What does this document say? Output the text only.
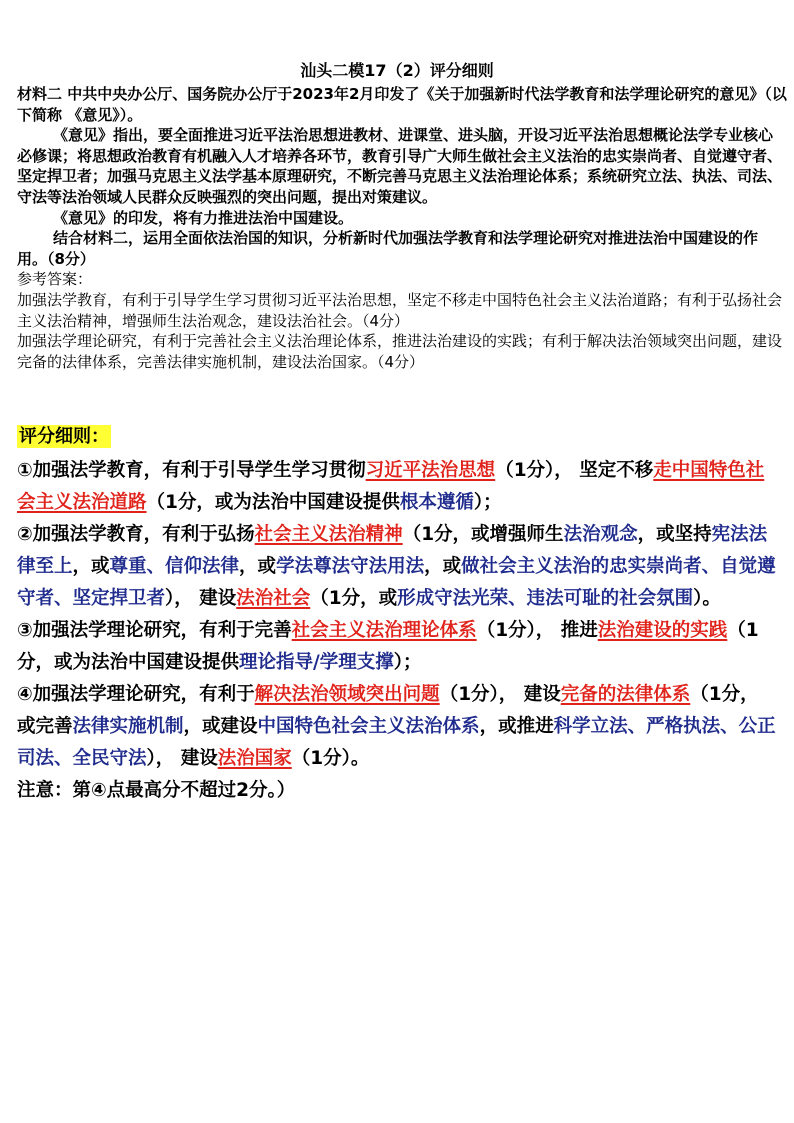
汕头二模17（2）评分细则

材料二 中共中央办公厅、国务院办公厅于2023年2月印发了《关于加强新时代法学教育和法学理论研究的意见》（以下简称 《意见》）。

《意见》指出，要全面推进习近平法治思想进教材、进课堂、进头脑，开设习近平法治思想概论法学专业核心必修课；将思想政治教育有机融入人才培养各环节，教育引导广大师生做社会主义法治的忠实崇尚者、自觉遵守者、坚定捍卫者；加强马克思主义法学基本原理研究，不断完善马克思主义法治理论体系；系统研究立法、执法、司法、守法等法治领域人民群众反映强烈的突出问题，提出对策建议。

《意见》的印发，将有力推进法治中国建设。

结合材料二，运用全面依法治国的知识，分析新时代加强法学教育和法学理论研究对推进法治中国建设的作用。（8分）

参考答案：

加强法学教育，有利于引导学生学习贯彻习近平法治思想，坚定不移走中国特色社会主义法治道路；有利于弘扬社会主义法治精神，增强师生法治观念，建设法治社会。（4分）

加强法学理论研究，有利于完善社会主义法治理论体系，推进法治建设的实践；有利于解决法治领域突出问题，建设完备的法律体系，完善法律实施机制，建设法治国家。（4分）

评分细则：

①加强法学教育，有利于引导学生学习贯彻习近平法治思想（1分）， 坚定不移走中国特色社会主义法治道路（1分，或为法治中国建设提供根本遵循）；

②加强法学教育，有利于弘扬社会主义法治精神（1分，或增强师生法治观念，或坚持宪法法律至上，或尊重、信仰法律，或学法尊法守法用法，或做社会主义法治的忠实崇尚者、自觉遵守者、坚定捍卫者）， 建设法治社会（1分，或形成守法光荣、违法可耻的社会氛围）。

③加强法学理论研究，有利于完善社会主义法治理论体系（1分）， 推进法治建设的实践（1分，或为法治中国建设提供理论指导/学理支撑）；

④加强法学理论研究，有利于解决法治领域突出问题（1分）， 建设完备的法律体系（1分，或完善法律实施机制，或建设中国特色社会主义法治体系，或推进科学立法、严格执法、公正司法、全民守法）， 建设法治国家（1分）。

注意：第④点最高分不超过2分。）
